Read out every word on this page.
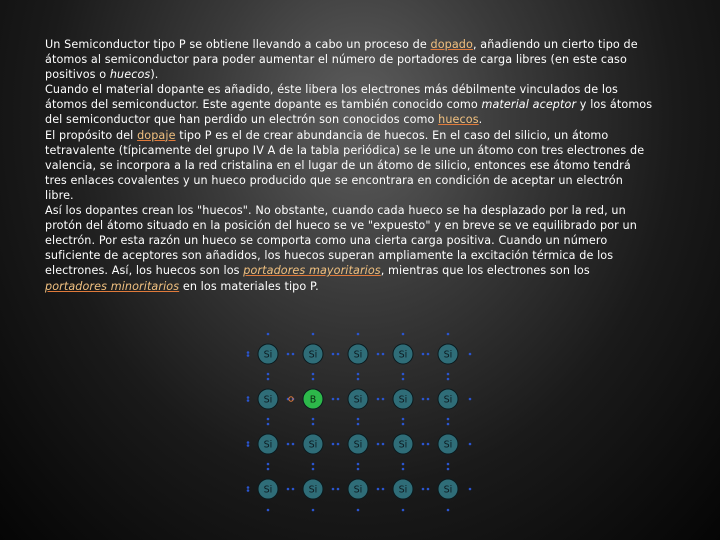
Un Semiconductor tipo P se obtiene llevando a cabo un proceso de dopado, añadiendo un cierto tipo de átomos al semiconductor para poder aumentar el número de portadores de carga libres (en este caso positivos o huecos).

Cuando el material dopante es añadido, éste libera los electrones más débilmente vinculados de los átomos del semiconductor. Este agente dopante es también conocido como material aceptor y los átomos del semiconductor que han perdido un electrón son conocidos como huecos.

El propósito del dopaje tipo P es el de crear abundancia de huecos. En el caso del silicio, un átomo tetravalente (típicamente del grupo IV A de la tabla periódica) se le une un átomo con tres electrones de valencia, se incorpora a la red cristalina en el lugar de un átomo de silicio, entonces ese átomo tendrá tres enlaces covalentes y un hueco producido que se encontrara en condición de aceptar un electrón libre.

Así los dopantes crean los "huecos". No obstante, cuando cada hueco se ha desplazado por la red, un protón del átomo situado en la posición del hueco se ve "expuesto" y en breve se ve equilibrado por un electrón. Por esta razón un hueco se comporta como una cierta carga positiva. Cuando un número suficiente de aceptores son añadidos, los huecos superan ampliamente la excitación térmica de los electrones. Así, los huecos son los portadores mayoritarios, mientras que los electrones son los portadores minoritarios en los materiales tipo P.

Si	Si	Si	Si	Si
Si	B	Si	Si	Si
Si	Si	Si	Si	Si
Si	Si	Si	Si	Si
